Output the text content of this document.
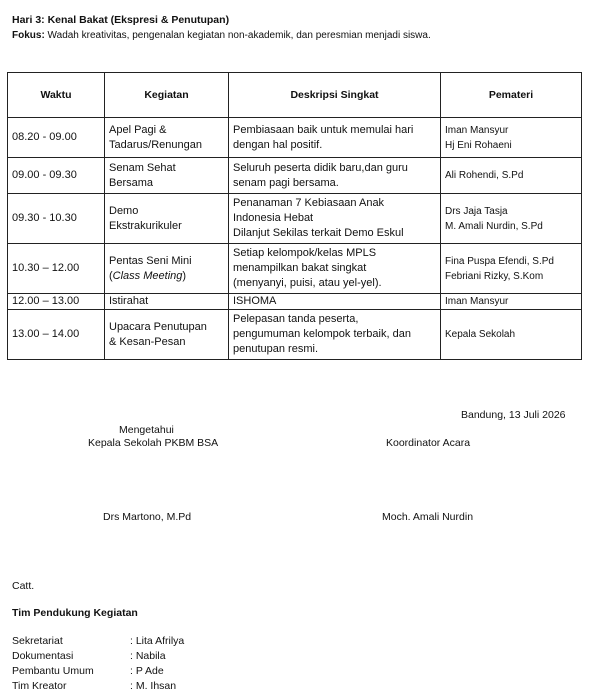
Hari 3: Kenal Bakat (Ekspresi & Penutupan)
Fokus: Wadah kreativitas, pengenalan kegiatan non-akademik, dan peresmian menjadi siswa.
Waktu	Kegiatan	Deskripsi Singkat	Pemateri
08.20 - 09.00	Apel Pagi &
Tadarus/Renungan	Pembiasaan baik untuk memulai hari
dengan hal positif.	Iman Mansyur
Hj Eni Rohaeni

09.00 - 09.30	Senam Sehat
Bersama	Seluruh peserta didik baru,dan guru
senam pagi bersama.	Ali Rohendi, S.Pd

09.30 - 10.30	Demo
Ekstrakurikuler	Penanaman 7 Kebiasaan Anak
Indonesia Hebat
Dilanjut Sekilas terkait Demo Eskul	Drs Jaja Tasja
M. Amali Nurdin, S.Pd

10.30 – 12.00	Pentas Seni Mini
(Class Meeting)	Setiap kelompok/kelas MPLS
menampilkan bakat singkat
(menyanyi, puisi, atau yel-yel).	Fina Puspa Efendi, S.Pd
Febriani Rizky, S.Kom

12.00 – 13.00	Istirahat	ISHOMA	Iman Mansyur

13.00 – 14.00	Upacara Penutupan
& Kesan-Pesan	Pelepasan tanda peserta,
pengumuman kelompok terbaik, dan
penutupan resmi.	Kepala Sekolah
Bandung, 13 Juli 2026
Mengetahui
Kepala Sekolah PKBM BSA	Koordinator Acara
Drs Martono, M.Pd	Moch. Amali Nurdin
Catt.
Tim Pendukung Kegiatan
Sekretariat	: Lita Afrilya
Dokumentasi	: Nabila
Pembantu Umum	: P Ade
Tim Kreator	: M. Ihsan
